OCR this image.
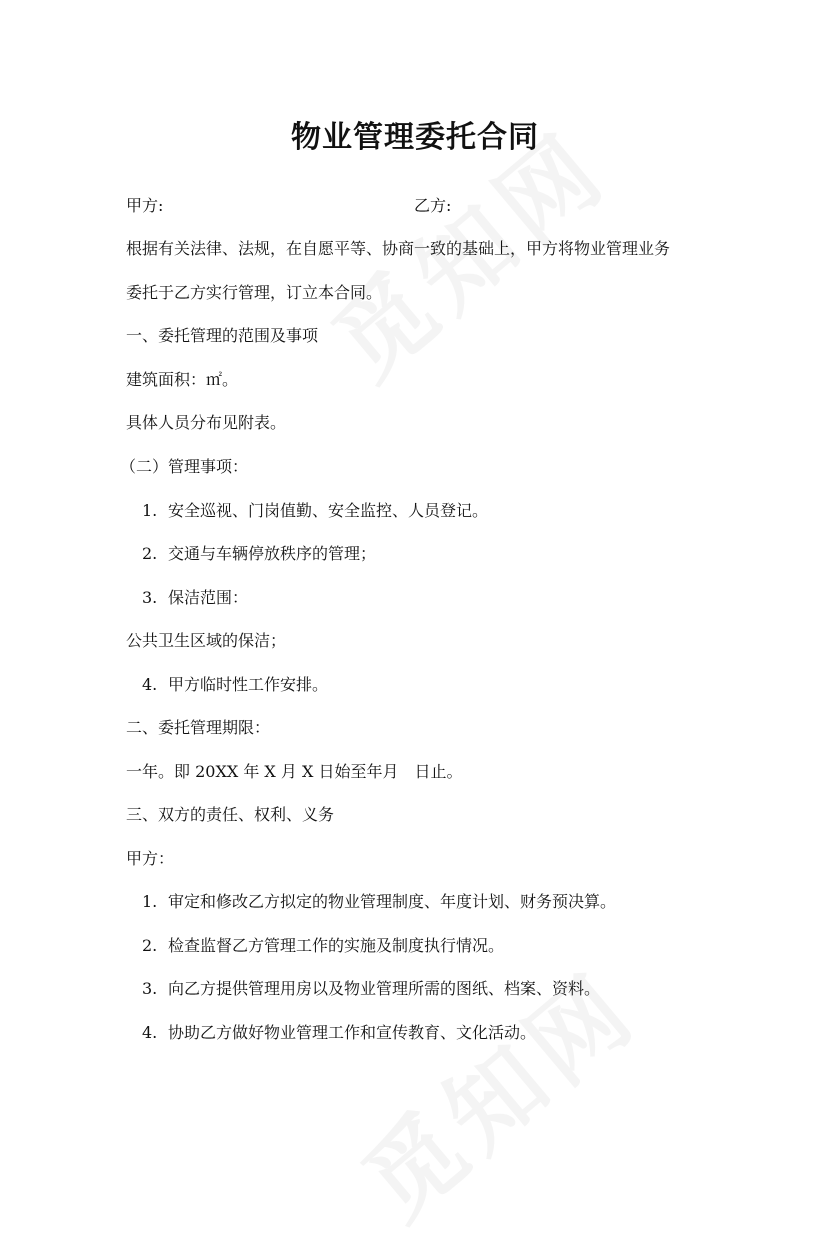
物业管理委托合同
甲方:	乙方:
根据有关法律、法规，在自愿平等、协商一致的基础上，甲方将物业管理业务
委托于乙方实行管理，订立本合同。
一、委托管理的范围及事项
建筑面积：㎡。
具体人员分布见附表。
（二）管理事项：
1. 安全巡视、门岗值勤、安全监控、人员登记。
2. 交通与车辆停放秩序的管理；
3. 保洁范围：
公共卫生区域的保洁；
4. 甲方临时性工作安排。
二、委托管理期限：
一年。即 20XX 年 X 月 X 日始至年月　日止。
三、双方的责任、权利、义务
甲方：
1. 审定和修改乙方拟定的物业管理制度、年度计划、财务预决算。
2. 检查监督乙方管理工作的实施及制度执行情况。
3. 向乙方提供管理用房以及物业管理所需的图纸、档案、资料。
4. 协助乙方做好物业管理工作和宣传教育、文化活动。
